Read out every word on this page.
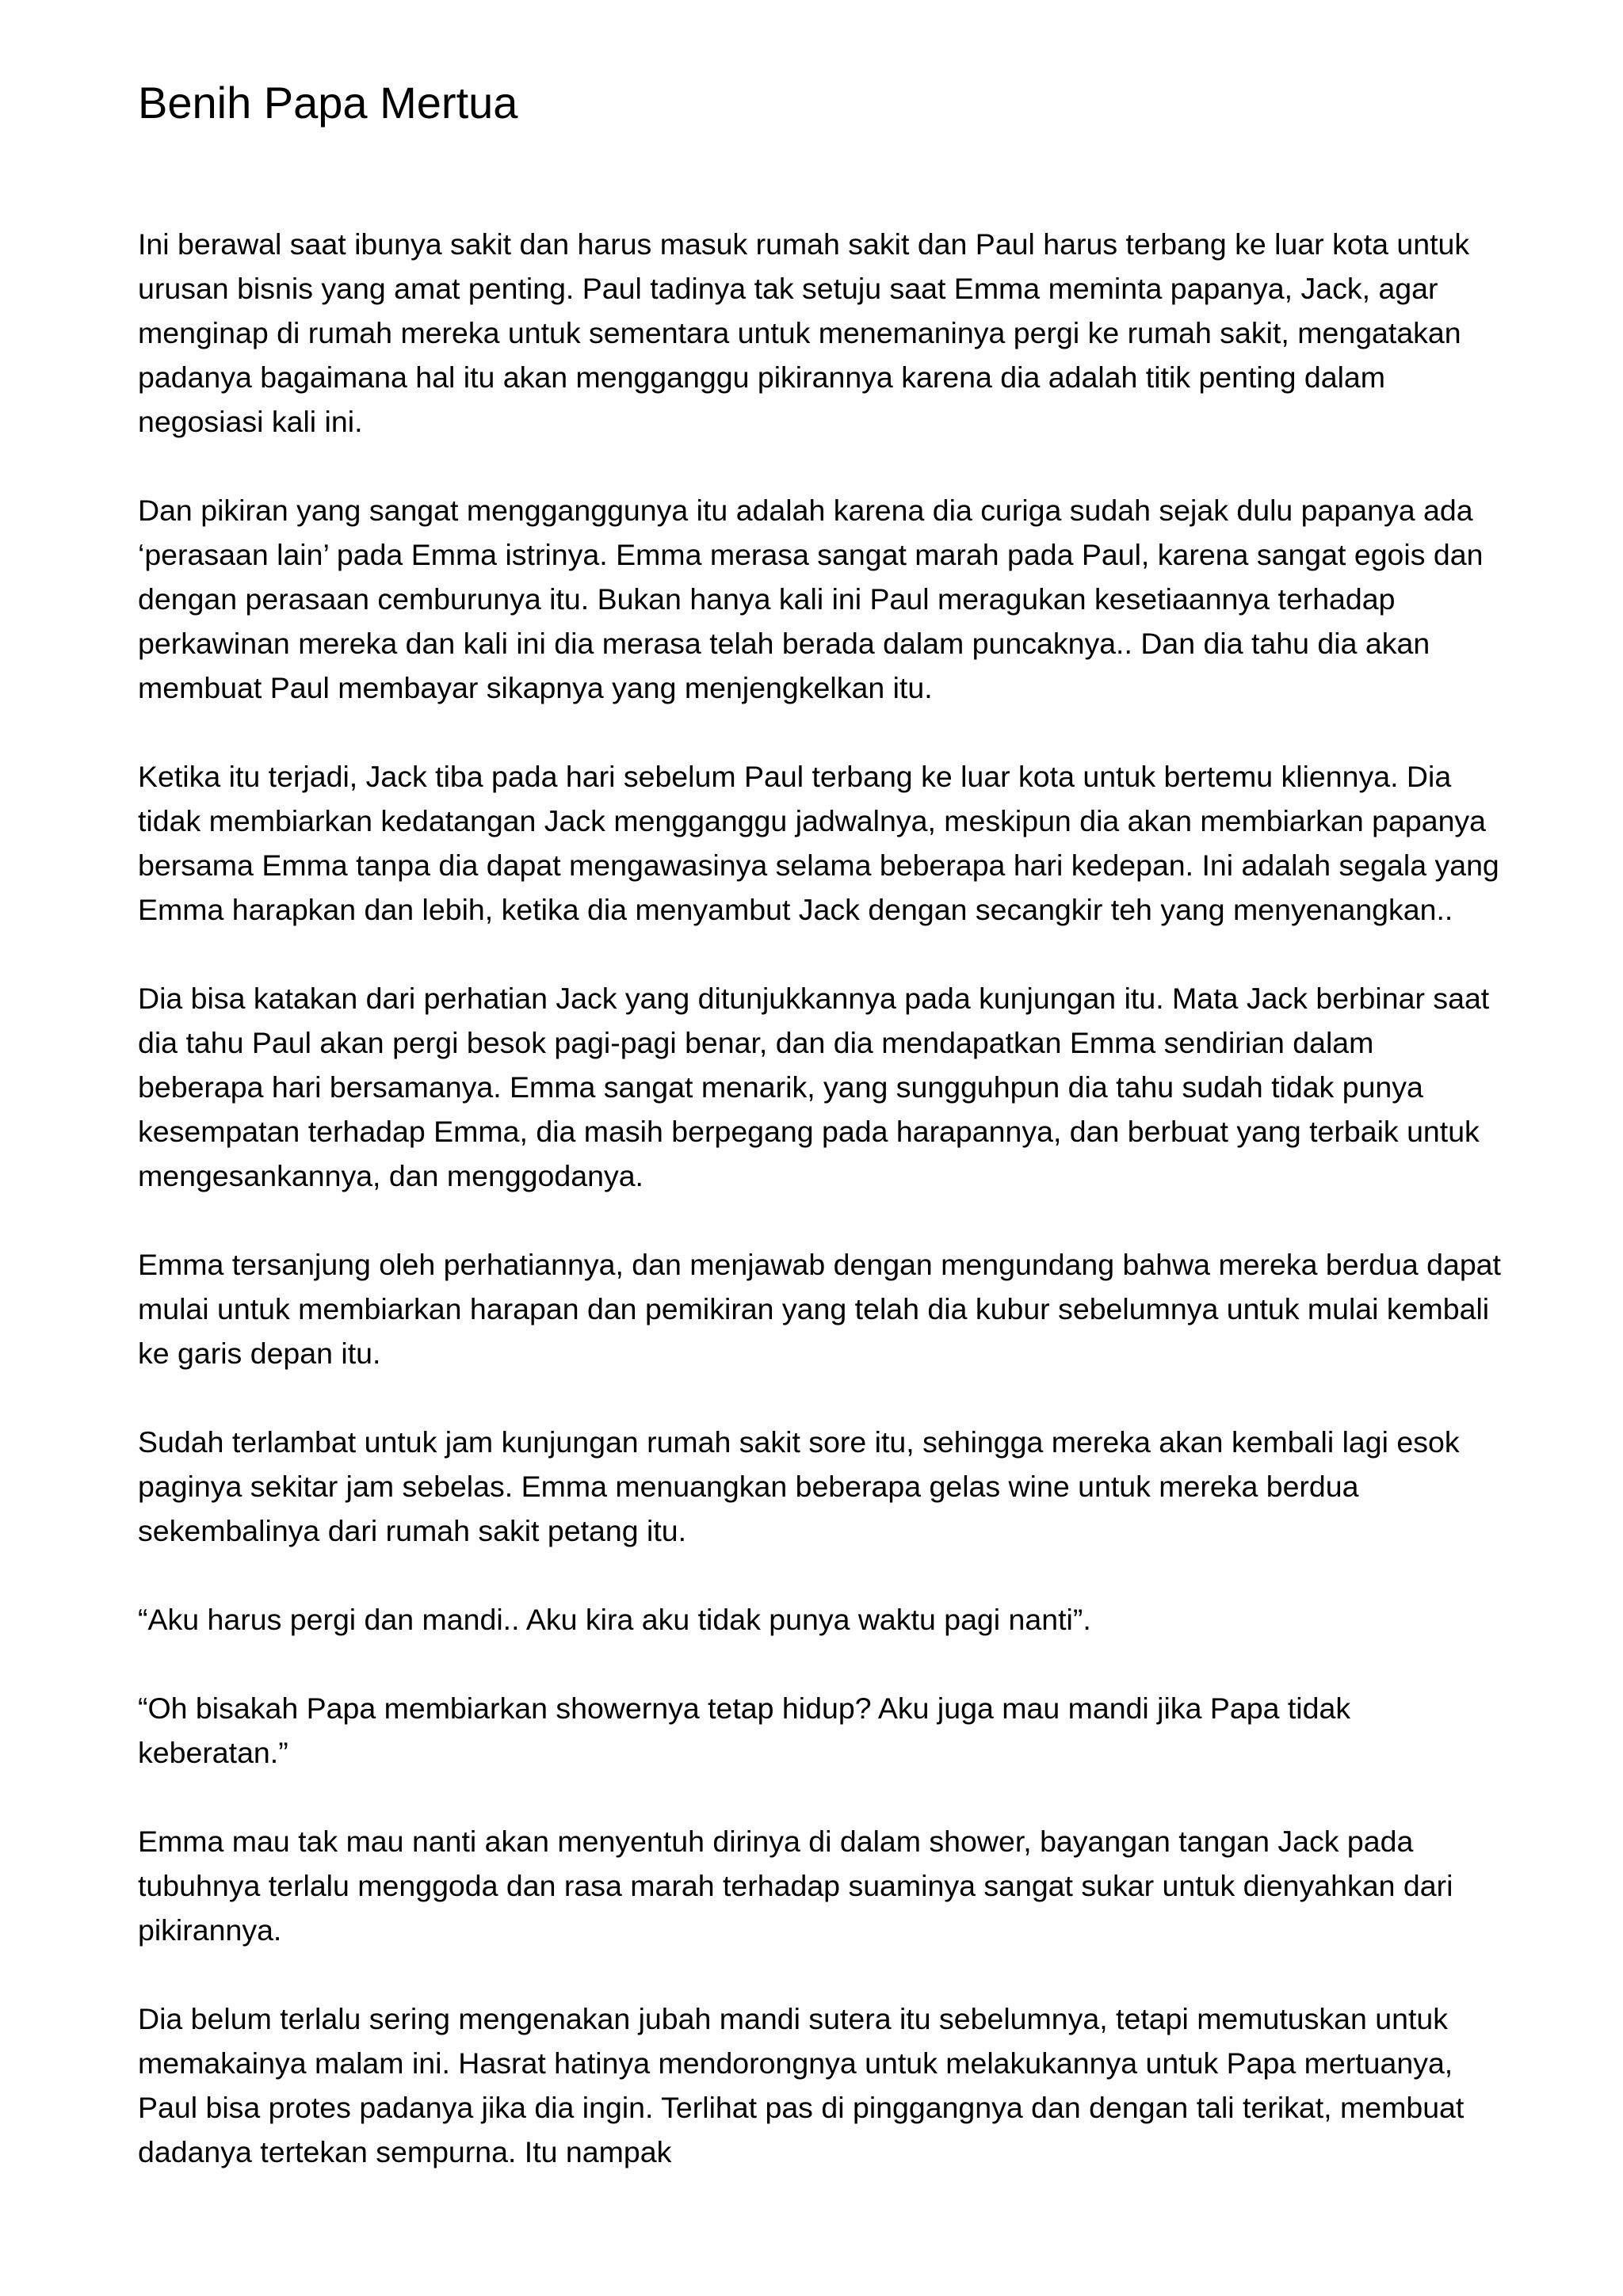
Benih Papa Mertua

Ini berawal saat ibunya sakit dan harus masuk rumah sakit dan Paul harus terbang ke luar kota untuk urusan bisnis yang amat penting. Paul tadinya tak setuju saat Emma meminta papanya, Jack, agar menginap di rumah mereka untuk sementara untuk menemaninya pergi ke rumah sakit, mengatakan padanya bagaimana hal itu akan mengganggu pikirannya karena dia adalah titik penting dalam negosiasi kali ini.

Dan pikiran yang sangat mengganggunya itu adalah karena dia curiga sudah sejak dulu papanya ada ‘perasaan lain’ pada Emma istrinya. Emma merasa sangat marah pada Paul, karena sangat egois dan dengan perasaan cemburunya itu. Bukan hanya kali ini Paul meragukan kesetiaannya terhadap perkawinan mereka dan kali ini dia merasa telah berada dalam puncaknya.. Dan dia tahu dia akan membuat Paul membayar sikapnya yang menjengkelkan itu.

Ketika itu terjadi, Jack tiba pada hari sebelum Paul terbang ke luar kota untuk bertemu kliennya. Dia tidak membiarkan kedatangan Jack mengganggu jadwalnya, meskipun dia akan membiarkan papanya bersama Emma tanpa dia dapat mengawasinya selama beberapa hari kedepan. Ini adalah segala yang Emma harapkan dan lebih, ketika dia menyambut Jack dengan secangkir teh yang menyenangkan..

Dia bisa katakan dari perhatian Jack yang ditunjukkannya pada kunjungan itu. Mata Jack berbinar saat dia tahu Paul akan pergi besok pagi-pagi benar, dan dia mendapatkan Emma sendirian dalam beberapa hari bersamanya. Emma sangat menarik, yang sungguhpun dia tahu sudah tidak punya kesempatan terhadap Emma, dia masih berpegang pada harapannya, dan berbuat yang terbaik untuk mengesankannya, dan menggodanya.

Emma tersanjung oleh perhatiannya, dan menjawab dengan mengundang bahwa mereka berdua dapat mulai untuk membiarkan harapan dan pemikiran yang telah dia kubur sebelumnya untuk mulai kembali ke garis depan itu.

Sudah terlambat untuk jam kunjungan rumah sakit sore itu, sehingga mereka akan kembali lagi esok paginya sekitar jam sebelas. Emma menuangkan beberapa gelas wine untuk mereka berdua sekembalinya dari rumah sakit petang itu.

“Aku harus pergi dan mandi.. Aku kira aku tidak punya waktu pagi nanti”.

“Oh bisakah Papa membiarkan showernya tetap hidup? Aku juga mau mandi jika Papa tidak keberatan.”

Emma mau tak mau nanti akan menyentuh dirinya di dalam shower, bayangan tangan Jack pada tubuhnya terlalu menggoda dan rasa marah terhadap suaminya sangat sukar untuk dienyahkan dari pikirannya.

Dia belum terlalu sering mengenakan jubah mandi sutera itu sebelumnya, tetapi memutuskan untuk memakainya malam ini. Hasrat hatinya mendorongnya untuk melakukannya untuk Papa mertuanya, Paul bisa protes padanya jika dia ingin. Terlihat pas di pinggangnya dan dengan tali terikat, membuat dadanya tertekan sempurna. Itu nampak
